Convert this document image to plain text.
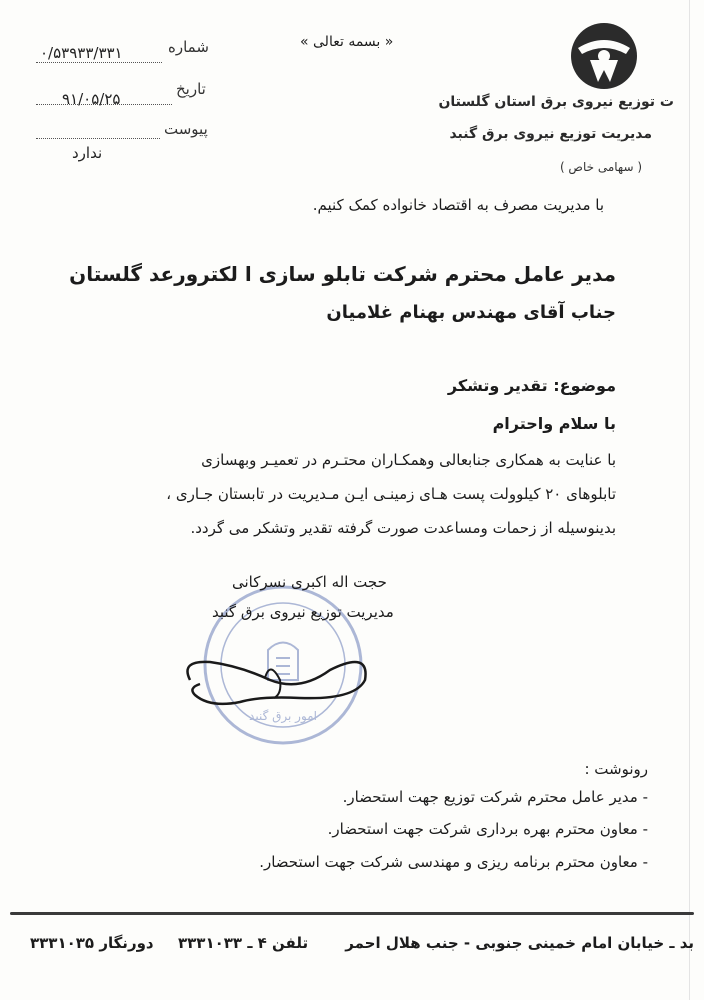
« بسمه تعالی »
شماره
۰/۵۳۹۳۳/۳۳۱
تاریخ
۹۱/۰۵/۲۵
پیوست
ندارد
ت توزیع نیروی برق استان گلستان
مدیریت توزیع نیروی برق گنبد
( سهامی خاص )
با مدیریت مصرف به اقتصاد خانواده کمک کنیم.
مدیر عامل محترم شرکت تابلو سازی ا لکترورعد گلستان
جناب آقای مهندس بهنام غلامیان
موضوع: تقدیر وتشکر
با سلام واحترام
با عنایت به همکاری جنابعالی وهمکـاران محتـرم در تعمیـر وبهسازی
تابلوهای ۲۰ کیلوولت پست هـای زمینـی ایـن مـدیریت در تابستان جـاری ،
بدینوسیله از زحمات ومساعدت صورت گرفته تقدیر وتشکر می گردد.
امور برق گنبد
حجت اله اکبری نسرکانی
مدیریت توزیع نیروی برق گنبد
رونوشت :
- مدیر عامل محترم شرکت توزیع جهت استحضار.
- معاون محترم بهره برداری شرکت جهت استحضار.
- معاون محترم برنامه ریزی و مهندسی شرکت جهت استحضار.
بد ـ خیابان امام خمینی جنوبی - جنب هلال احمر
تلفن ۴ ـ ۳۳۳۱۰۳۳
دورنگار ۳۳۳۱۰۳۵
